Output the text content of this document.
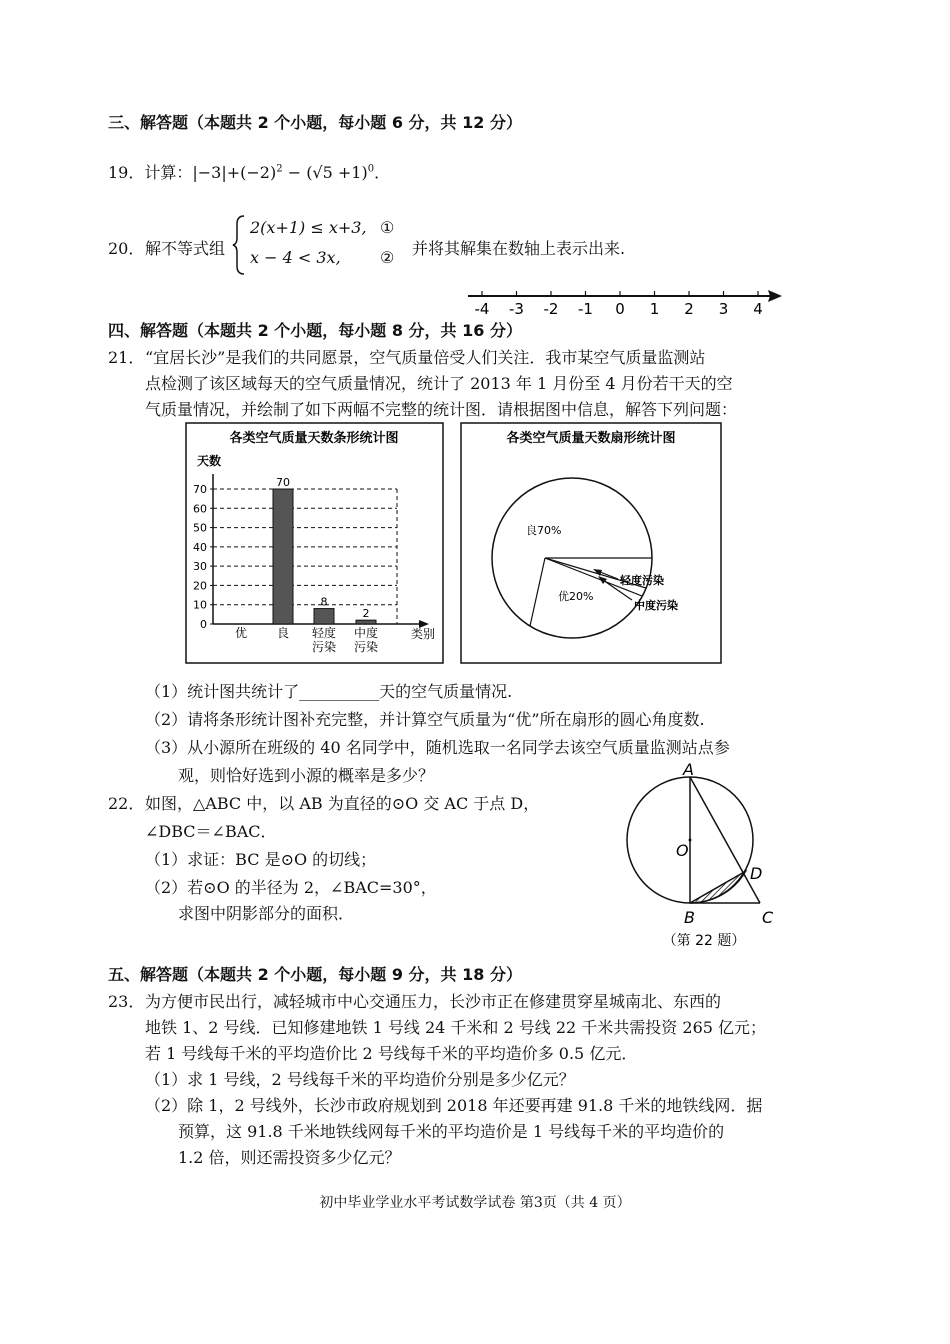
三、解答题（本题共 2 个小题，每小题 6 分，共 12 分）
19．计算：$|-3|+(-2)^2 - (√5 +1)^0$．
20． 解不等式组
2(x+1) ≤ x+3, ①
x − 4 < 3x, ② 并将其解集在数轴上表示出来.
-4 -3 -2 -1 0 1 2 3 4
四、解答题（本题共 2 个小题，每小题 8 分，共 16 分）
21． “宜居长沙”是我们的共同愿景，空气质量倍受人们关注．我市某空气质量监测站
点检测了该区域每天的空气质量情况，统计了 2013 年 1 月份至 4 月份若干天的空
气质量情况，并绘制了如下两幅不完整的统计图．请根据图中信息，解答下列问题：
各类空气质量天数条形统计图
天数
0
10
20
30
40
50
60
70
优
70
良
8
轻度
污染
2
中度
污染
类别
各类空气质量天数扇形统计图
良70%
优20%
轻度污染
中度污染
（1）统计图共统计了__________天的空气质量情况.
（2）请将条形统计图补充完整，并计算空气质量为“优”所在扇形的圆心角度数.
（3）从小源所在班级的 40 名同学中，随机选取一名同学去该空气质量监测站点参
观，则恰好选到小源的概率是多少？
22． 如图，△ABC 中，以 AB 为直径的⊙O 交 AC 于点 D，
∠DBC＝∠BAC．
（1）求证：BC 是⊙O 的切线；
（2）若⊙O 的半径为 2，∠BAC=30°，
求图中阴影部分的面积．
A
O
D
B	C
（第 22 题）
五、解答题（本题共 2 个小题，每小题 9 分，共 18 分）
23． 为方便市民出行，减轻城市中心交通压力，长沙市正在修建贯穿星城南北、东西的
地铁 1、2 号线．已知修建地铁 1 号线 24 千米和 2 号线 22 千米共需投资 265 亿元；
若 1 号线每千米的平均造价比 2 号线每千米的平均造价多 0.5 亿元．
（1）求 1 号线，2 号线每千米的平均造价分别是多少亿元？
（2）除 1，2 号线外，长沙市政府规划到 2018 年还要再建 91.8 千米的地铁线网．据
预算，这 91.8 千米地铁线网每千米的平均造价是 1 号线每千米的平均造价的
1.2 倍，则还需投资多少亿元？
初中毕业学业水平考试数学试卷 第3页（共 4 页）
